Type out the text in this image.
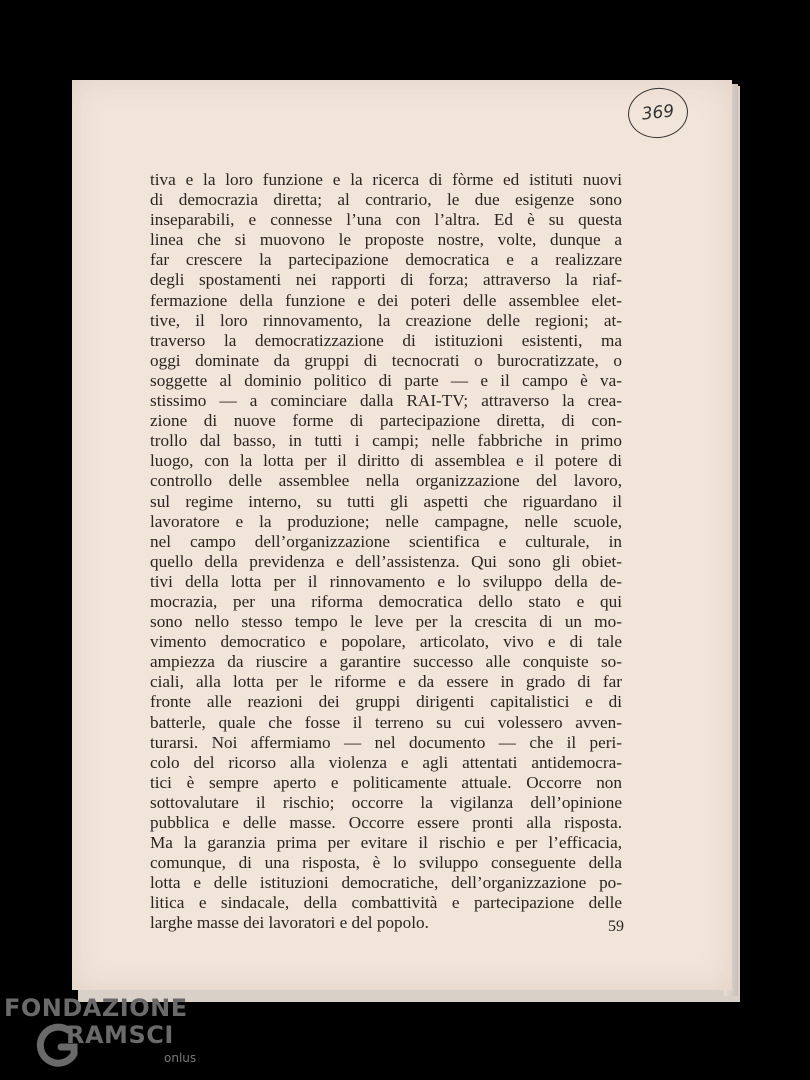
369
tiva e la loro funzione e la ricerca di fòrme ed istituti nuovi
di democrazia diretta; al contrario, le due esigenze sono
inseparabili, e connesse l’una con l’altra. Ed è su questa
linea che si muovono le proposte nostre, volte, dunque a
far crescere la partecipazione democratica e a realizzare
degli spostamenti nei rapporti di forza; attraverso la riaf-
fermazione della funzione e dei poteri delle assemblee elet-
tive, il loro rinnovamento, la creazione delle regioni; at-
traverso la democratizzazione di istituzioni esistenti, ma
oggi dominate da gruppi di tecnocrati o burocratizzate, o
soggette al dominio politico di parte — e il campo è va-
stissimo — a cominciare dalla RAI-TV; attraverso la crea-
zione di nuove forme di partecipazione diretta, di con-
trollo dal basso, in tutti i campi; nelle fabbriche in primo
luogo, con la lotta per il diritto di assemblea e il potere di
controllo delle assemblee nella organizzazione del lavoro,
sul regime interno, su tutti gli aspetti che riguardano il
lavoratore e la produzione; nelle campagne, nelle scuole,
nel campo dell’organizzazione scientifica e culturale, in
quello della previdenza e dell’assistenza. Qui sono gli obiet-
tivi della lotta per il rinnovamento e lo sviluppo della de-
mocrazia, per una riforma democratica dello stato e qui
sono nello stesso tempo le leve per la crescita di un mo-
vimento democratico e popolare, articolato, vivo e di tale
ampiezza da riuscire a garantire successo alle conquiste so-
ciali, alla lotta per le riforme e da essere in grado di far
fronte alle reazioni dei gruppi dirigenti capitalistici e di
batterle, quale che fosse il terreno su cui volessero avven-
turarsi. Noi affermiamo — nel documento — che il peri-
colo del ricorso alla violenza e agli attentati antidemocra-
tici è sempre aperto e politicamente attuale. Occorre non
sottovalutare il rischio; occorre la vigilanza dell’opinione
pubblica e delle masse. Occorre essere pronti alla risposta.
Ma la garanzia prima per evitare il rischio e per l’efficacia,
comunque, di una risposta, è lo sviluppo conseguente della
lotta e delle istituzioni democratiche, dell’organizzazione po-
litica e sindacale, della combattività e partecipazione delle
larghe masse dei lavoratori e del popolo.	59
FONDAZIONE
RAMSCI
onlus
